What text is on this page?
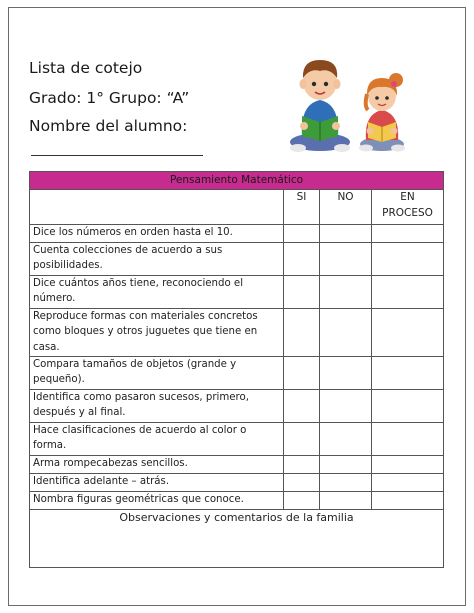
Lista de cotejo
Grado: 1° Grupo: “A”
Nombre del alumno:
Pensamiento Matemático			
	SI	NO	EN PROCESO
Dice los números en orden hasta el 10.			
Cuenta colecciones de acuerdo a sus posibilidades.			
Dice cuántos años tiene, reconociendo el número.			
Reproduce formas con materiales concretos como bloques y otros juguetes que tiene en casa.			
Compara tamaños de objetos (grande y pequeño).			
Identifica como pasaron sucesos, primero, después y al final.			
Hace clasificaciones de acuerdo al color o forma.			
Arma rompecabezas sencillos.			
Identifica adelante – atrás.			
Nombra figuras geométricas que conoce.			
Observaciones y comentarios de la familia			
